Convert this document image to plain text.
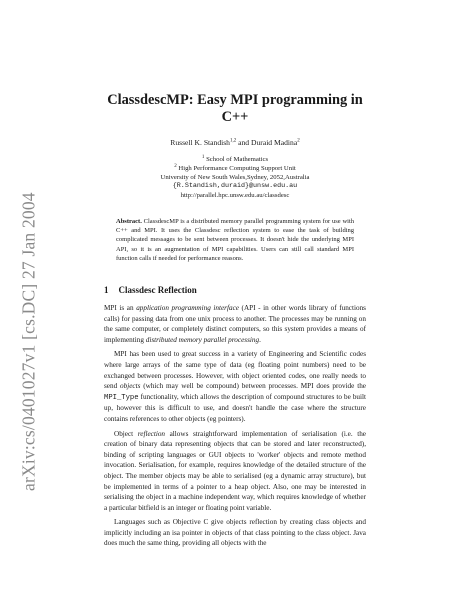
arXiv:cs/0401027v1 [cs.DC] 27 Jan 2004
ClassdescMP: Easy MPI programming in C++
Russell K. Standish$^{1,2}$ and Duraid Madina$^2$
$^1$ School of Mathematics
$^2$ High Performance Computing Support Unit
University of New South Wales,Sydney, 2052,Australia
{R.Standish,duraid}@unsw.edu.au
http://parallel.hpc.unsw.edu.au/classdesc
Abstract. ClassdescMP is a distributed memory parallel programming system for use with C++ and MPI. It uses the Classdesc reflection system to ease the task of building complicated messages to be sent between processes. It doesn't hide the underlying MPI API, so it is an augmentation of MPI capabilities. Users can still call standard MPI function calls if needed for performance reasons.
1 Classdesc Reflection

MPI is an application programming interface (API - in other words library of functions calls) for passing data from one unix process to another. The processes may be running on the same computer, or completely distinct computers, so this system provides a means of implementing distributed memory parallel processing.

MPI has been used to great success in a variety of Engineering and Scientific codes where large arrays of the same type of data (eg floating point numbers) need to be exchanged between processes. However, with object oriented codes, one really needs to send objects (which may well be compound) between processes. MPI does provide the MPI_Type functionality, which allows the description of compound structures to be built up, however this is difficult to use, and doesn't handle the case where the structure contains references to other objects (eg pointers).

Object reflection allows straightforward implementation of serialisation (i.e. the creation of binary data representing objects that can be stored and later reconstructed), binding of scripting languages or GUI objects to 'worker' objects and remote method invocation. Serialisation, for example, requires knowledge of the detailed structure of the object. The member objects may be able to serialised (eg a dynamic array structure), but be implemented in terms of a pointer to a heap object. Also, one may be interested in serialising the object in a machine independent way, which requires knowledge of whether a particular bitfield is an integer or floating point variable.

Languages such as Objective C give objects reflection by creating class objects and implicitly including an isa pointer in objects of that class pointing to the class object. Java does much the same thing, providing all objects with the
